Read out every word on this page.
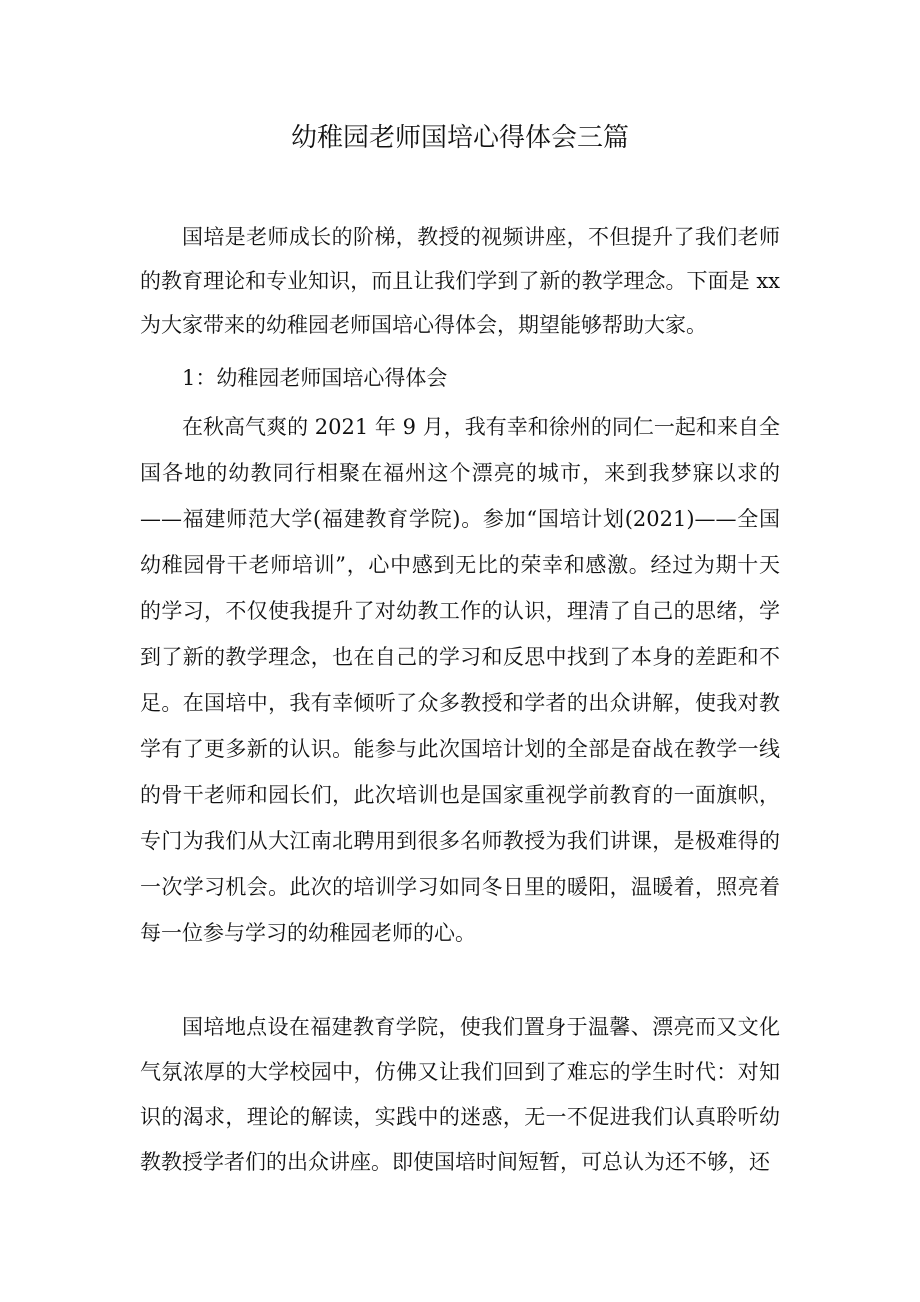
幼稚园老师国培心得体会三篇
国培是老师成长的阶梯，教授的视频讲座，不但提升了我们老师
的教育理论和专业知识，而且让我们学到了新的教学理念。下面是 xx
为大家带来的幼稚园老师国培心得体会，期望能够帮助大家。
1：幼稚园老师国培心得体会
在秋高气爽的 2021 年 9 月，我有幸和徐州的同仁一起和来自全
国各地的幼教同行相聚在福州这个漂亮的城市，来到我梦寐以求的
——福建师范大学(福建教育学院)。参加“国培计划(2021)——全国
幼稚园骨干老师培训”，心中感到无比的荣幸和感激。经过为期十天
的学习，不仅使我提升了对幼教工作的认识，理清了自己的思绪，学
到了新的教学理念，也在自己的学习和反思中找到了本身的差距和不
足。在国培中，我有幸倾听了众多教授和学者的出众讲解，使我对教
学有了更多新的认识。能参与此次国培计划的全部是奋战在教学一线
的骨干老师和园长们，此次培训也是国家重视学前教育的一面旗帜，
专门为我们从大江南北聘用到很多名师教授为我们讲课，是极难得的
一次学习机会。此次的培训学习如同冬日里的暖阳，温暖着，照亮着
每一位参与学习的幼稚园老师的心。
国培地点设在福建教育学院，使我们置身于温馨、漂亮而又文化
气氛浓厚的大学校园中，仿佛又让我们回到了难忘的学生时代：对知
识的渴求，理论的解读，实践中的迷惑，无一不促进我们认真聆听幼
教教授学者们的出众讲座。即使国培时间短暂，可总认为还不够，还
